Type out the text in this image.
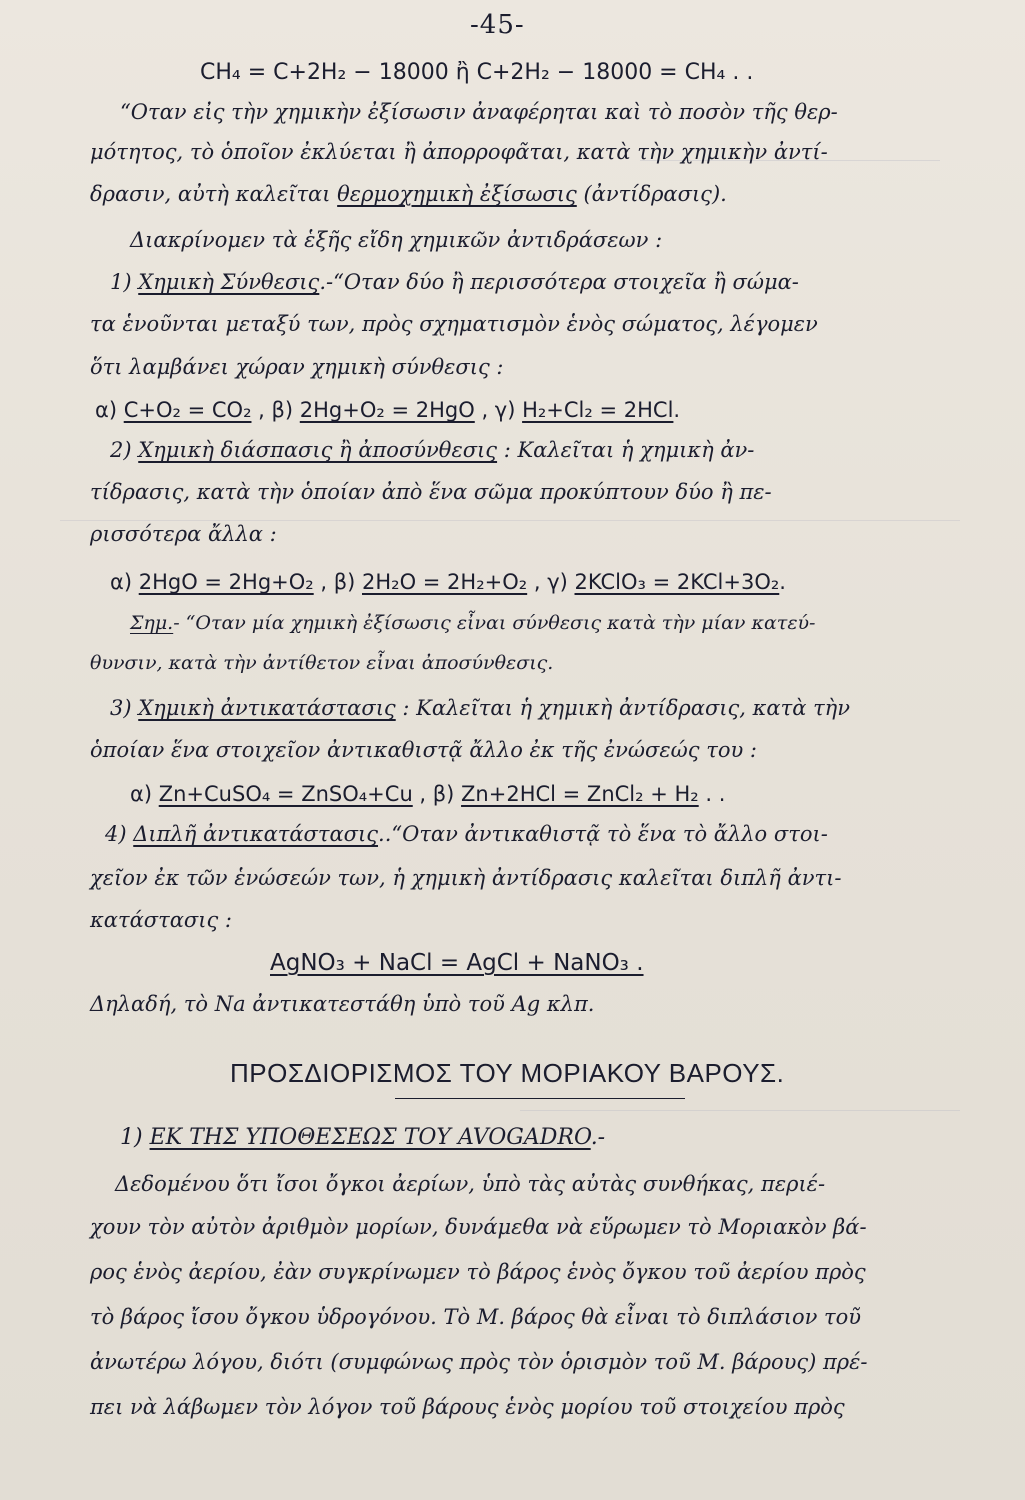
-45-
CH₄ = C+2H₂ − 18000 ἢ C+2H₂ − 18000 = CH₄ . .
“Oταν εἰς τὴν χημικὴν ἐξίσωσιν ἀναφέρηται καὶ τὸ ποσὸν τῆς θερ-
μότητος, τὸ ὁποῖον ἐκλύεται ἢ ἀπορροφᾶται, κατὰ τὴν χημικὴν ἀντί-
δρασιν, αὐτὴ καλεῖται θερμοχημικὴ ἐξίσωσις (ἀντίδρασις).
Διακρίνομεν τὰ ἑξῆς εἴδη χημικῶν ἀντιδράσεων :
1) Χημικὴ Σύνθεσις.-“Oταν δύο ἢ περισσότερα στοιχεῖα ἢ σώμα-
τα ἑνοῦνται μεταξύ των, πρὸς σχηματισμὸν ἑνὸς σώματος, λέγομεν
ὅτι λαμβάνει χώραν χημικὴ σύνθεσις :
α) C+O₂ = CO₂ , β) 2Hg+O₂ = 2HgO , γ) H₂+Cl₂ = 2HCl.
2) Χημικὴ διάσπασις ἢ ἀποσύνθεσις : Καλεῖται ἡ χημικὴ ἀν-
τίδρασις, κατὰ τὴν ὁποίαν ἀπὸ ἕνα σῶμα προκύπτουν δύο ἢ πε-
ρισσότερα ἄλλα :
α) 2HgO = 2Hg+O₂ , β) 2H₂O = 2H₂+O₂ , γ) 2KClO₃ = 2KCl+3O₂.
Σημ.- “Oταν μία χημικὴ ἐξίσωσις εἶναι σύνθεσις κατὰ τὴν μίαν κατεύ-
θυνσιν, κατὰ τὴν ἀντίθετον εἶναι ἀποσύνθεσις.
3) Χημικὴ ἀντικατάστασις : Καλεῖται ἡ χημικὴ ἀντίδρασις, κατὰ τὴν
ὁποίαν ἕνα στοιχεῖον ἀντικαθιστᾷ ἄλλο ἐκ τῆς ἐνώσεώς του :
α) Zn+CuSO₄ = ZnSO₄+Cu , β) Zn+2HCl = ZnCl₂ + H₂ . .
4) Διπλῆ ἀντικατάστασις..“Oταν ἀντικαθιστᾷ τὸ ἕνα τὸ ἄλλο στοι-
χεῖον ἐκ τῶν ἑνώσεών των, ἡ χημικὴ ἀντίδρασις καλεῖται διπλῆ ἀντι-
κατάστασις :
AgNO₃ + NaCl = AgCl + NaNO₃ .
Δηλαδή, τὸ Na ἀντικατεστάθη ὑπὸ τοῦ Ag κλπ.
ΠΡΟΣΔΙΟΡΙΣΜΟΣ ΤΟΥ ΜΟΡΙΑΚΟΥ ΒΑΡΟΥΣ.
1) ΕΚ ΤΗΣ ΥΠΟΘΕΣΕΩΣ ΤΟΥ AVOGADRO.-
Δεδομένου ὅτι ἴσοι ὄγκοι ἀερίων, ὑπὸ τὰς αὐτὰς συνθήκας, περιέ-
χουν τὸν αὐτὸν ἀριθμὸν μορίων, δυνάμεθα νὰ εὕρωμεν τὸ Μοριακὸν βά-
ρος ἑνὸς ἀερίου, ἐὰν συγκρίνωμεν τὸ βάρος ἑνὸς ὄγκου τοῦ ἀερίου πρὸς
τὸ βάρος ἴσου ὄγκου ὑδρογόνου. Τὸ Μ. βάρος θὰ εἶναι τὸ διπλάσιον τοῦ
ἀνωτέρω λόγου, διότι (συμφώνως πρὸς τὸν ὁρισμὸν τοῦ Μ. βάρους) πρέ-
πει νὰ λάβωμεν τὸν λόγον τοῦ βάρους ἑνὸς μορίου τοῦ στοιχείου πρὸς
